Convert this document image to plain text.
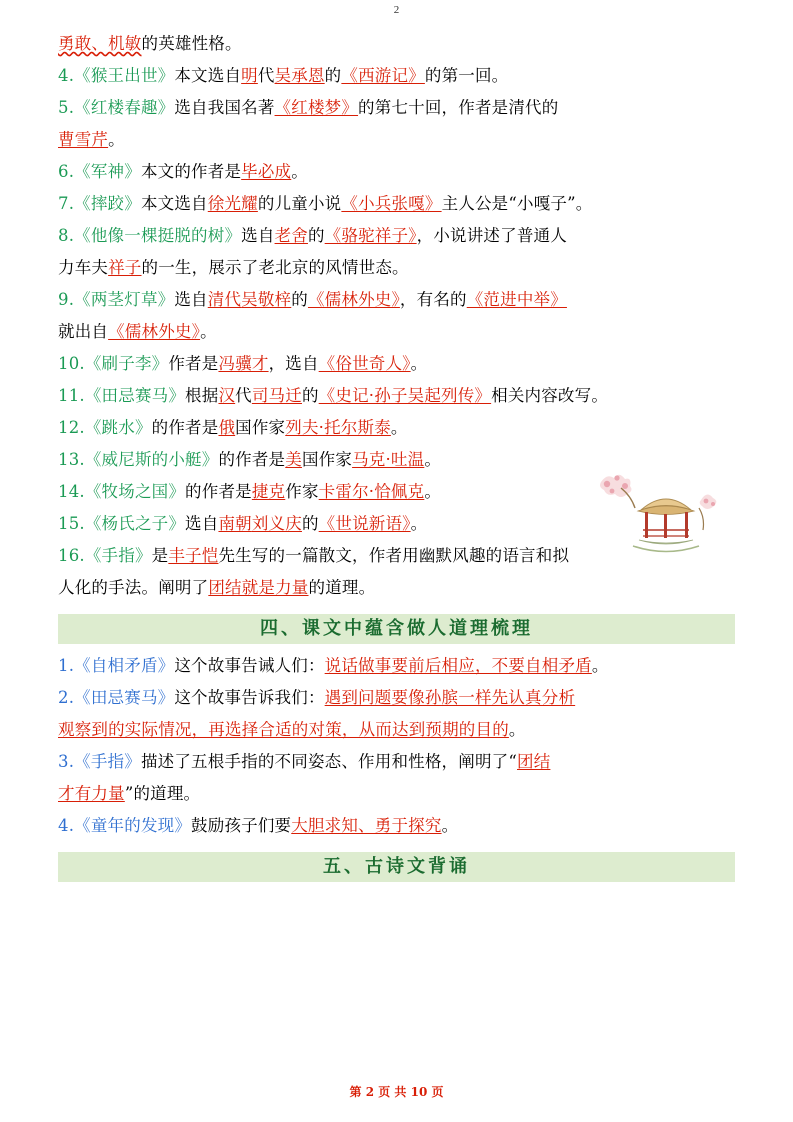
2

勇敢、机敏的英雄性格。

4.《猴王出世》本文选自明代吴承恩的《西游记》的第一回。

5.《红楼春趣》选自我国名著《红楼梦》的第七十回，作者是清代的

曹雪芹。

6.《军神》本文的作者是毕必成。

7.《摔跤》本文选自徐光耀的儿童小说《小兵张嘎》主人公是“小嘎子”。

8.《他像一棵挺脱的树》选自老舍的《骆驼祥子》，小说讲述了普通人

力车夫祥子的一生，展示了老北京的风情世态。

9.《两茎灯草》选自清代吴敬梓的《儒林外史》，有名的《范进中举》

就出自《儒林外史》。

10.《刷子李》作者是冯骥才，选自《俗世奇人》。

11.《田忌赛马》根据汉代司马迁的《史记·孙子吴起列传》相关内容改写。

12.《跳水》的作者是俄国作家列夫·托尔斯泰。

13.《威尼斯的小艇》的作者是美国作家马克·吐温。

14.《牧场之国》的作者是捷克作家卡雷尔·恰佩克。

15.《杨氏之子》选自南朝刘义庆的《世说新语》。

16.《手指》是丰子恺先生写的一篇散文，作者用幽默风趣的语言和拟

人化的手法。阐明了团结就是力量的道理。

四、课文中蕴含做人道理梳理

1.《自相矛盾》这个故事告诫人们：说话做事要前后相应，不要自相矛盾。

2.《田忌赛马》这个故事告诉我们：遇到问题要像孙膑一样先认真分析

观察到的实际情况，再选择合适的对策，从而达到预期的目的。

3.《手指》描述了五根手指的不同姿态、作用和性格，阐明了“团结

才有力量”的道理。

4.《童年的发现》鼓励孩子们要大胆求知、勇于探究。

五、古诗文背诵
第 2 页 共 10 页
